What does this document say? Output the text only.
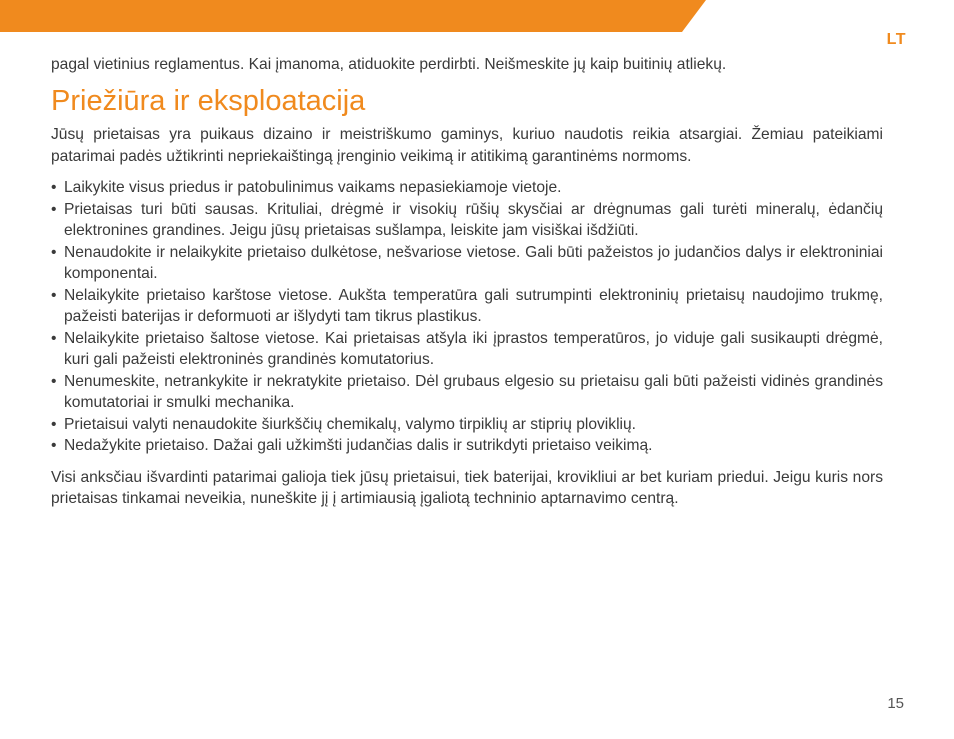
LT

pagal vietinius reglamentus. Kai įmanoma, atiduokite perdirbti. Neišmeskite jų kaip buitinių atliekų.

Priežiūra ir eksploatacija

Jūsų prietaisas yra puikaus dizaino ir meistriškumo gaminys, kuriuo naudotis reikia atsargiai. Žemiau pateikiami patarimai padės užtikrinti nepriekaištingą įrenginio veikimą ir atitikimą garantinėms normoms.

• Laikykite visus priedus ir patobulinimus vaikams nepasiekiamoje vietoje.
• Prietaisas turi būti sausas. Krituliai, drėgmė ir visokių rūšių skysčiai ar drėgnumas gali turėti mineralų, ėdančių elektronines grandines. Jeigu jūsų prietaisas sušlampa, leiskite jam visiškai išdžiūti.
• Nenaudokite ir nelaikykite prietaiso dulkėtose, nešvariose vietose. Gali būti pažeistos jo judančios dalys ir elektroniniai komponentai.
• Nelaikykite prietaiso karštose vietose. Aukšta temperatūra gali sutrumpinti elektroninių prietaisų naudojimo trukmę, pažeisti baterijas ir deformuoti ar išlydyti tam tikrus plastikus.
• Nelaikykite prietaiso šaltose vietose. Kai prietaisas atšyla iki įprastos temperatūros, jo viduje gali susikaupti drėgmė, kuri gali pažeisti elektroninės grandinės komutatorius.
• Nenumeskite, netrankykite ir nekratykite prietaiso. Dėl grubaus elgesio su prietaisu gali būti pažeisti vidinės grandinės komutatoriai ir smulki mechanika.
• Prietaisui valyti nenaudokite šiurkščių chemikalų, valymo tirpiklių ar stiprių ploviklių.
• Nedažykite prietaiso. Dažai gali užkimšti judančias dalis ir sutrikdyti prietaiso veikimą.

Visi anksčiau išvardinti patarimai galioja tiek jūsų prietaisui, tiek baterijai, krovikliui ar bet kuriam priedui. Jeigu kuris nors prietaisas tinkamai neveikia, nuneškite jį į artimiausią įgaliotą techninio aptarnavimo centrą.

15
